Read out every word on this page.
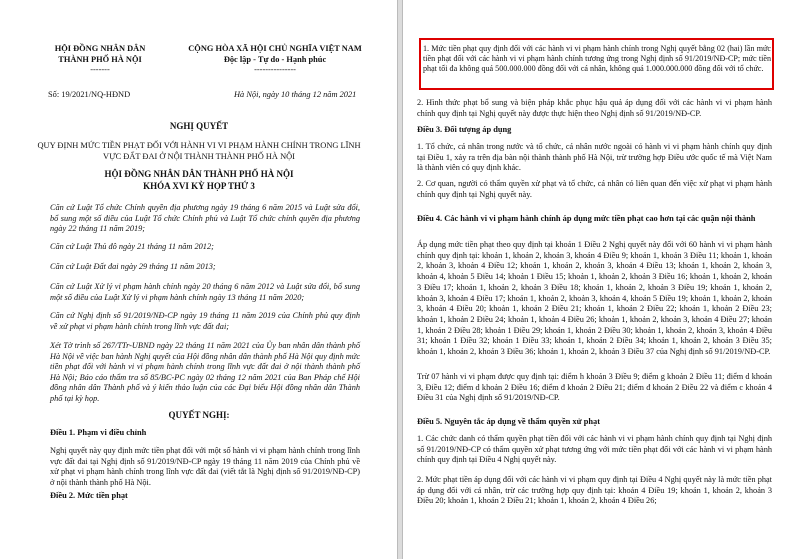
HỘI ĐỒNG NHÂN DÂN
THÀNH PHỐ HÀ NỘI
-------
CỘNG HÒA XÃ HỘI CHỦ NGHĨA VIỆT NAM
Độc lập - Tự do - Hạnh phúc
---------------
Số: 19/2021/NQ-HĐND	Hà Nội, ngày 10 tháng 12 năm 2021
NGHỊ QUYẾT
QUY ĐỊNH MỨC TIỀN PHẠT ĐỐI VỚI HÀNH VI VI PHẠM HÀNH CHÍNH TRONG LĨNH
VỰC ĐẤT ĐAI Ở NỘI THÀNH THÀNH PHỐ HÀ NỘI
HỘI ĐỒNG NHÂN DÂN THÀNH PHỐ HÀ NỘI
KHÓA XVI KỲ HỌP THỨ 3

Căn cứ Luật Tổ chức Chính quyền địa phương ngày 19 tháng 6 năm 2015 và Luật sửa đổi, bổ sung một số điều của Luật Tổ chức Chính phủ và Luật Tổ chức chính quyền địa phương ngày 22 tháng 11 năm 2019;

Căn cứ Luật Thủ đô ngày 21 tháng 11 năm 2012;

Căn cứ Luật Đất đai ngày 29 tháng 11 năm 2013;

Căn cứ Luật Xử lý vi phạm hành chính ngày 20 tháng 6 năm 2012 và Luật sửa đổi, bổ sung một số điều của Luật Xử lý vi phạm hành chính ngày 13 tháng 11 năm 2020;

Căn cứ Nghị định số 91/2019/NĐ-CP ngày 19 tháng 11 năm 2019 của Chính phủ quy định về xử phạt vi phạm hành chính trong lĩnh vực đất đai;

Xét Tờ trình số 267/TTr-UBND ngày 22 tháng 11 năm 2021 của Ủy ban nhân dân thành phố Hà Nội về việc ban hành Nghị quyết của Hội đồng nhân dân thành phố Hà Nội quy định mức tiền phạt đối với hành vi vi phạm hành chính trong lĩnh vực đất đai ở nội thành thành phố Hà Nội; Báo cáo thẩm tra số 85/BC-PC ngày 02 tháng 12 năm 2021 của Ban Pháp chế Hội đồng nhân dân Thành phố và ý kiến thảo luận của các Đại biểu Hội đồng nhân dân Thành phố tại kỳ họp.

QUYẾT NGHỊ:
Điều 1. Phạm vi điều chỉnh

Nghị quyết này quy định mức tiền phạt đối với một số hành vi vi phạm hành chính trong lĩnh vực đất đai tại Nghị định số 91/2019/NĐ-CP ngày 19 tháng 11 năm 2019 của Chính phủ về xử phạt vi phạm hành chính trong lĩnh vực đất đai (viết tắt là Nghị định số 91/2019/NĐ-CP) ở nội thành thành phố Hà Nội.

Điều 2. Mức tiền phạt

1. Mức tiền phạt quy định đối với các hành vi vi phạm hành chính trong Nghị quyết bằng 02 (hai) lần mức tiền phạt đối với các hành vi vi phạm hành chính tương ứng trong Nghị định số 91/2019/NĐ-CP; mức tiền phạt tối đa không quá 500.000.000 đồng đối với cá nhân, không quá 1.000.000.000 đồng đối với tổ chức.

2. Hình thức phạt bổ sung và biện pháp khắc phục hậu quả áp dụng đối với các hành vi vi phạm hành chính quy định tại Nghị quyết này được thực hiện theo Nghị định số 91/2019/NĐ-CP.

Điều 3. Đối tượng áp dụng

1. Tổ chức, cá nhân trong nước và tổ chức, cá nhân nước ngoài có hành vi vi phạm hành chính quy định tại Điều 1, xảy ra trên địa bàn nội thành thành phố Hà Nội, trừ trường hợp Điều ước quốc tế mà Việt Nam là thành viên có quy định khác.

2. Cơ quan, người có thẩm quyền xử phạt và tổ chức, cá nhân có liên quan đến việc xử phạt vi phạm hành chính quy định tại Nghị quyết này.

Điều 4. Các hành vi vi phạm hành chính áp dụng mức tiền phạt cao hơn tại các quận nội thành

Áp dụng mức tiền phạt theo quy định tại khoản 1 Điều 2 Nghị quyết này đối với 60 hành vi vi phạm hành chính quy định tại: khoản 1, khoản 2, khoản 3, khoản 4 Điều 9; khoản 1, khoản 3 Điều 11; khoản 1, khoản 2, khoản 3, khoản 4 Điều 12; khoản 1, khoản 2, khoản 3, khoản 4 Điều 13; khoản 1, khoản 2, khoản 3, khoản 4, khoản 5 Điều 14; khoản 1 Điều 15; khoản 1, khoản 2, khoản 3 Điều 16; khoản 1, khoản 2, khoản 3 Điều 17; khoản 1, khoản 2, khoản 3 Điều 18; khoản 1, khoản 2, khoản 3 Điều 19; khoản 1, khoản 2, khoản 3, khoản 4 Điều 17; khoản 1, khoản 2, khoản 3, khoản 4, khoản 5 Điều 19; khoản 1, khoản 2, khoản 3, khoản 4 Điều 20; khoản 1, khoản 2 Điều 21; khoản 1, khoản 2 Điều 22; khoản 1, khoản 2 Điều 23; khoản 1, khoản 2 Điều 24; khoản 1, khoản 4 Điều 26; khoản 1, khoản 2, khoản 3, khoản 4 Điều 27; khoản 1, khoản 2 Điều 28; khoản 1 Điều 29; khoản 1, khoản 2 Điều 30; khoản 1, khoản 2, khoản 3, khoản 4 Điều 31; khoản 1 Điều 32; khoản 1 Điều 33; khoản 1, khoản 2 Điều 34; khoản 1, khoản 2, khoản 3 Điều 35; khoản 1, khoản 2, khoản 3 Điều 36; khoản 1, khoản 2, khoản 3 Điều 37 của Nghị định số 91/2019/NĐ-CP.

Trừ 07 hành vi vi phạm được quy định tại: điểm h khoản 3 Điều 9; điểm g khoản 2 Điều 11; điểm d khoản 3, Điều 12; điểm d khoản 2 Điều 16; điểm đ khoản 2 Điều 21; điểm đ khoản 2 Điều 22 và điểm c khoản 4 Điều 31 của Nghị định số 91/2019/NĐ-CP.

Điều 5. Nguyên tắc áp dụng về thẩm quyền xử phạt

1. Các chức danh có thẩm quyền phạt tiền đối với các hành vi vi phạm hành chính quy định tại Nghị định số 91/2019/NĐ-CP có thẩm quyền xử phạt tương ứng với mức tiền phạt đối với các hành vi vi phạm hành chính quy định tại Điều 4 Nghị quyết này.

2. Mức phạt tiền áp dụng đối với các hành vi vi phạm quy định tại Điều 4 Nghị quyết này là mức tiền phạt áp dụng đối với cá nhân, trừ các trường hợp quy định tại: khoản 4 Điều 19; khoản 1, khoản 2, khoản 3 Điều 20; khoản 1, khoản 2 Điều 21; khoản 1, khoản 2, khoản 4 Điều 26;
